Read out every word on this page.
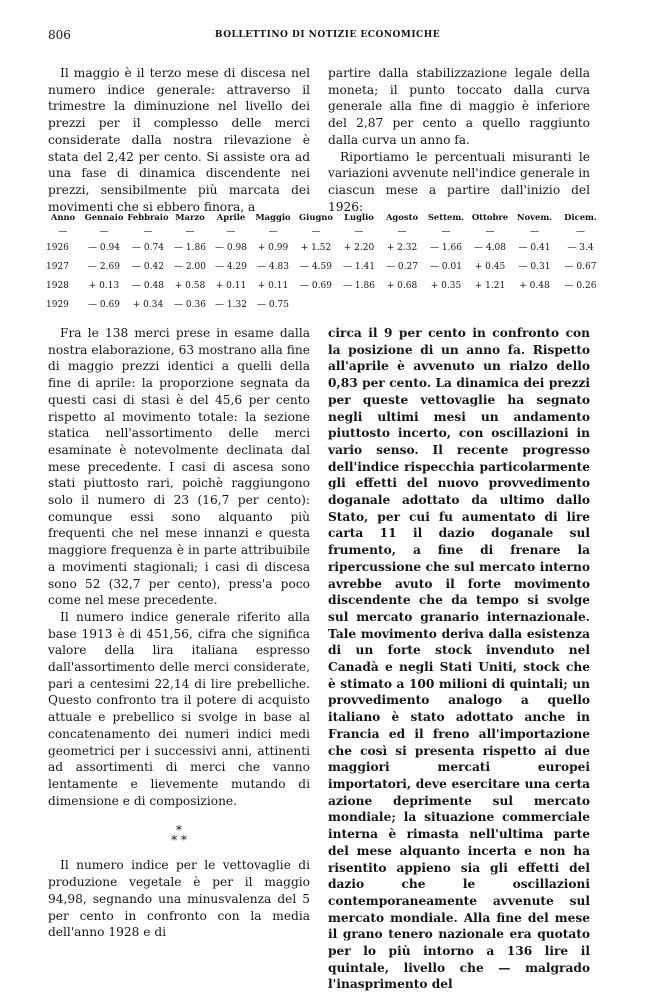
806	BOLLETTINO DI NOTIZIE ECONOMICHE

Il maggio è il terzo mese di discesa nel numero indice generale: attraverso il trimestre la diminuzione nel livello dei prezzi per il complesso delle merci considerate dalla nostra rilevazione è stata del 2,42 per cento. Si assiste ora ad una fase di dinamica discendente nei prezzi, sensibilmente più marcata dei movimenti che si ebbero finora, a

partire dalla stabilizzazione legale della moneta; il punto toccato dalla curva generale alla fine di maggio è inferiore del 2,87 per cento a quello raggiunto dalla curva un anno fa.

Riportiamo le percentuali misuranti le variazioni avvenute nell'indice generale in ciascun mese a partire dall'inizio del 1926:

Anno	Gennaio	Febbraio	Marzo	Aprile	Maggio	Giugno	Luglio	Agosto	Settem.	Ottobre	Novem.	Dicem.
—	—	—	—	—	—	—	—	—	—	—	—	—
1926	— 0.94	— 0.74	— 1.86	— 0.98	+ 0.99	+ 1.52	+ 2.20	+ 2.32	— 1.66	— 4.08	— 0.41	— 3.4
1927	— 2.69	— 0.42	— 2.00	— 4.29	— 4.83	— 4.59	— 1.41	— 0.27	— 0.01	+ 0.45	— 0.31	— 0.67
1928	+ 0.13	— 0.48	+ 0.58	+ 0.11	+ 0.11	— 0.69	— 1.86	+ 0.68	+ 0.35	+ 1.21	+ 0.48	— 0.26
1929	— 0.69	+ 0.34	— 0.36	— 1.32	— 0.75							

Fra le 138 merci prese in esame dalla nostra elaborazione, 63 mostrano alla fine di maggio prezzi identici a quelli della fine di aprile: la proporzione segnata da questi casi di stasi è del 45,6 per cento rispetto al movimento totale: la sezione statica nell'assortimento delle merci esaminate è notevolmente declinata dal mese precedente. I casi di ascesa sono stati piuttosto rari, poichè raggiungono solo il numero di 23 (16,7 per cento): comunque essi sono alquanto più frequenti che nel mese innanzi e questa maggiore frequenza è in parte attribuibile a movimenti stagionali; i casi di discesa sono 52 (32,7 per cento), press'a poco come nel mese precedente.

Il numero indice generale riferito alla base 1913 è di 451,56, cifra che significa valore della lira italiana espresso dall'assortimento delle merci considerate, pari a centesimi 22,14 di lire prebelliche. Questo confronto tra il potere di acquisto attuale e prebellico si svolge in base al concatenamento dei numeri indici medi geometrici per i successivi anni, attinenti ad assortimenti di merci che vanno lentamente e lievemente mutando di dimensione e di composizione.

*
* *

Il numero indice per le vettovaglie di produzione vegetale è per il maggio 94,98, segnando una minusvalenza del 5 per cento in confronto con la media dell'anno 1928 e di

circa il 9 per cento in confronto con la posizione di un anno fa. Rispetto all'aprile è avvenuto un rialzo dello 0,83 per cento. La dinamica dei prezzi per queste vettovaglie ha segnato negli ultimi mesi un andamento piuttosto incerto, con oscillazioni in vario senso. Il recente progresso dell'indice rispecchia particolarmente gli effetti del nuovo provvedimento doganale adottato da ultimo dallo Stato, per cui fu aumentato di lire carta 11 il dazio doganale sul frumento, a fine di frenare la ripercussione che sul mercato interno avrebbe avuto il forte movimento discendente che da tempo si svolge sul mercato granario internazionale. Tale movimento deriva dalla esistenza di un forte stock invenduto nel Canadà e negli Stati Uniti, stock che è stimato a 100 milioni di quintali; un provvedimento analogo a quello italiano è stato adottato anche in Francia ed il freno all'importazione che così si presenta rispetto ai due maggiori mercati europei importatori, deve esercitare una certa azione deprimente sul mercato mondiale; la situazione commerciale interna è rimasta nell'ultima parte del mese alquanto incerta e non ha risentito appieno sia gli effetti del dazio che le oscillazioni contemporaneamente avvenute sul mercato mondiale. Alla fine del mese il grano tenero nazionale era quotato per lo più intorno a 136 lire il quintale, livello che — malgrado l'inasprimento del
